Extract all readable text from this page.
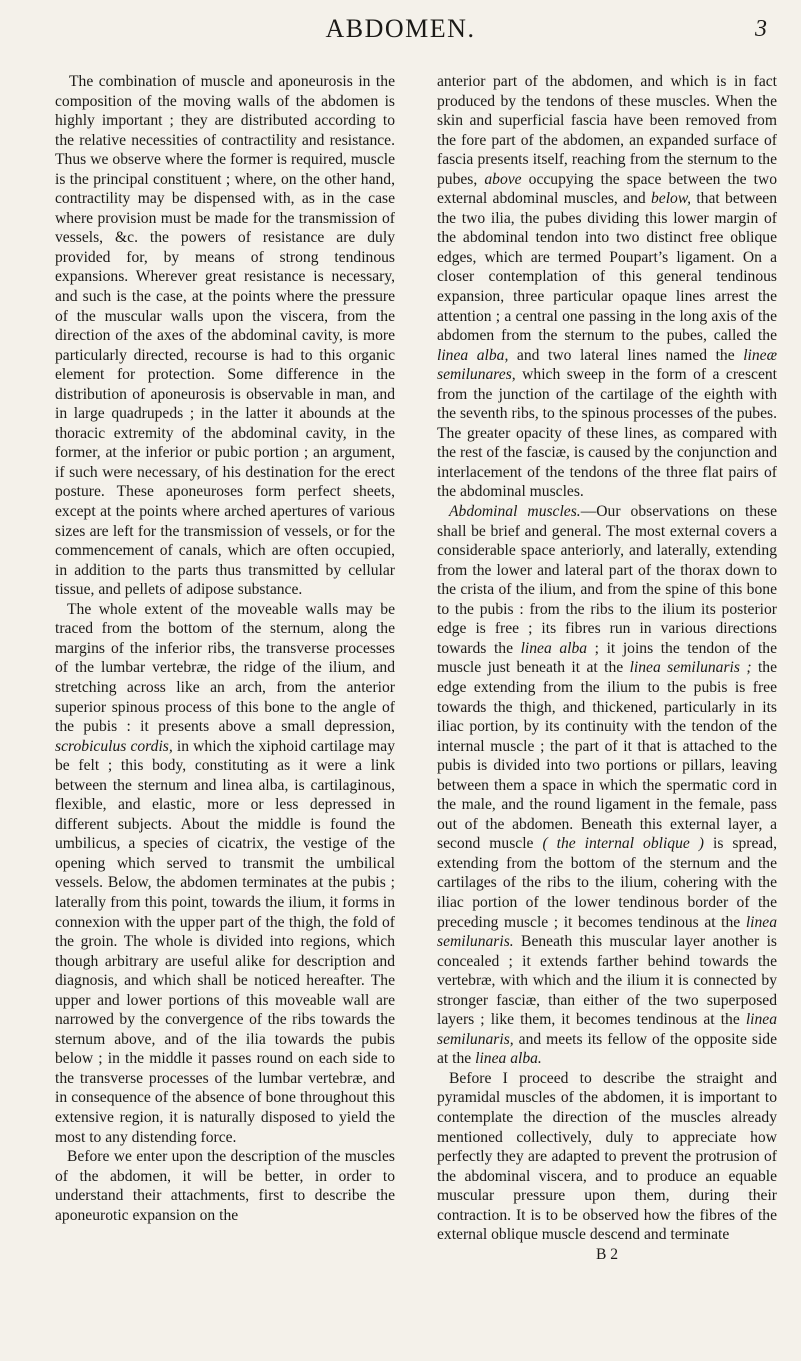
ABDOMEN.	3

The combination of muscle and aponeurosis in the composition of the moving walls of the abdomen is highly important ; they are distributed according to the relative necessities of contractility and resistance. Thus we observe where the former is required, muscle is the principal constituent ; where, on the other hand, contractility may be dispensed with, as in the case where provision must be made for the transmission of vessels, &c. the powers of resistance are duly provided for, by means of strong tendinous expansions. Wherever great resistance is necessary, and such is the case, at the points where the pressure of the muscular walls upon the viscera, from the direction of the axes of the abdominal cavity, is more particularly directed, recourse is had to this organic element for protection. Some difference in the distribution of aponeurosis is observable in man, and in large quadrupeds ; in the latter it abounds at the thoracic extremity of the abdominal cavity, in the former, at the inferior or pubic portion ; an argument, if such were necessary, of his destination for the erect posture. These aponeuroses form perfect sheets, except at the points where arched apertures of various sizes are left for the transmission of vessels, or for the commencement of canals, which are often occupied, in addition to the parts thus transmitted by cellular tissue, and pellets of adipose substance.

The whole extent of the moveable walls may be traced from the bottom of the sternum, along the margins of the inferior ribs, the transverse processes of the lumbar vertebræ, the ridge of the ilium, and stretching across like an arch, from the anterior superior spinous process of this bone to the angle of the pubis : it presents above a small depression, scrobiculus cordis, in which the xiphoid cartilage may be felt ; this body, constituting as it were a link between the sternum and linea alba, is cartilaginous, flexible, and elastic, more or less depressed in different subjects. About the middle is found the umbilicus, a species of cicatrix, the vestige of the opening which served to transmit the umbilical vessels. Below, the abdomen terminates at the pubis ; laterally from this point, towards the ilium, it forms in connexion with the upper part of the thigh, the fold of the groin. The whole is divided into regions, which though arbitrary are useful alike for description and diagnosis, and which shall be noticed hereafter. The upper and lower portions of this moveable wall are narrowed by the convergence of the ribs towards the sternum above, and of the ilia towards the pubis below ; in the middle it passes round on each side to the transverse processes of the lumbar vertebræ, and in consequence of the absence of bone throughout this extensive region, it is naturally disposed to yield the most to any distending force.

Before we enter upon the description of the muscles of the abdomen, it will be better, in order to understand their attachments, first to describe the aponeurotic expansion on the

anterior part of the abdomen, and which is in fact produced by the tendons of these muscles. When the skin and superficial fascia have been removed from the fore part of the abdomen, an expanded surface of fascia presents itself, reaching from the sternum to the pubes, above occupying the space between the two external abdominal muscles, and below, that between the two ilia, the pubes dividing this lower margin of the abdominal tendon into two distinct free oblique edges, which are termed Poupart’s ligament. On a closer contemplation of this general tendinous expansion, three particular opaque lines arrest the attention ; a central one passing in the long axis of the abdomen from the sternum to the pubes, called the linea alba, and two lateral lines named the lineæ semilunares, which sweep in the form of a crescent from the junction of the cartilage of the eighth with the seventh ribs, to the spinous processes of the pubes. The greater opacity of these lines, as compared with the rest of the fasciæ, is caused by the conjunction and interlacement of the tendons of the three flat pairs of the abdominal muscles.

Abdominal muscles.—Our observations on these shall be brief and general. The most external covers a considerable space anteriorly, and laterally, extending from the lower and lateral part of the thorax down to the crista of the ilium, and from the spine of this bone to the pubis : from the ribs to the ilium its posterior edge is free ; its fibres run in various directions towards the linea alba ; it joins the tendon of the muscle just beneath it at the linea semilunaris ; the edge extending from the ilium to the pubis is free towards the thigh, and thickened, particularly in its iliac portion, by its continuity with the tendon of the internal muscle ; the part of it that is attached to the pubis is divided into two portions or pillars, leaving between them a space in which the spermatic cord in the male, and the round ligament in the female, pass out of the abdomen. Beneath this external layer, a second muscle ( the internal oblique ) is spread, extending from the bottom of the sternum and the cartilages of the ribs to the ilium, cohering with the iliac portion of the lower tendinous border of the preceding muscle ; it becomes tendinous at the linea semilunaris. Beneath this muscular layer another is concealed ; it extends farther behind towards the vertebræ, with which and the ilium it is connected by stronger fasciæ, than either of the two superposed layers ; like them, it becomes tendinous at the linea semilunaris, and meets its fellow of the opposite side at the linea alba.

Before I proceed to describe the straight and pyramidal muscles of the abdomen, it is important to contemplate the direction of the muscles already mentioned collectively, duly to appreciate how perfectly they are adapted to prevent the protrusion of the abdominal viscera, and to produce an equable muscular pressure upon them, during their contraction. It is to be observed how the fibres of the external oblique muscle descend and terminate

B 2
